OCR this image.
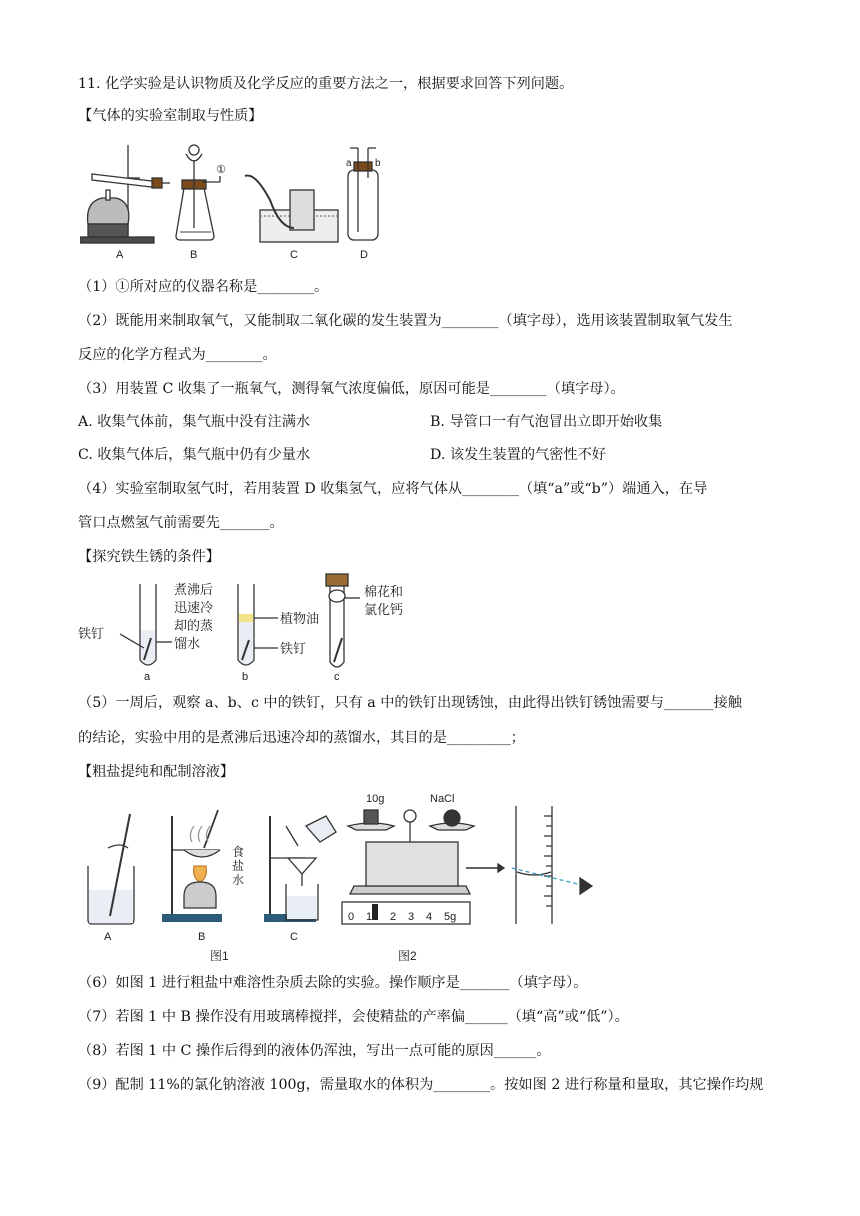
11. 化学实验是认识物质及化学反应的重要方法之一，根据要求回答下列问题。
【气体的实验室制取与性质】
A	B	C	D
①
a b
（1）①所对应的仪器名称是________。
（2）既能用来制取氧气，又能制取二氧化碳的发生装置为________（填字母），选用该装置制取氧气发生
反应的化学方程式为________。
（3）用装置 C 收集了一瓶氧气，测得氧气浓度偏低，原因可能是________（填字母）。
A. 收集气体前，集气瓶中没有注满水	B. 导管口一有气泡冒出立即开始收集
C. 收集气体后，集气瓶中仍有少量水	D. 该发生装置的气密性不好
（4）实验室制取氢气时，若用装置 D 收集氢气，应将气体从________（填“a”或“b”）端通入，在导
管口点燃氢气前需要先_______。
【探究铁生锈的条件】
铁钉
煮沸后
迅速冷
却的蒸
馏水
植物油
铁钉
棉花和
氯化钙
a	b	c
（5）一周后，观察 a、b、c 中的铁钉，只有 a 中的铁钉出现锈蚀，由此得出铁钉锈蚀需要与_______接触
的结论，实验中用的是煮沸后迅速冷却的蒸馏水，其目的是_________；
【粗盐提纯和配制溶液】
A	B	C
食
盐
水
10g	NaCl
0 1 2 3 4 5g
图1	图2
（6）如图 1 进行粗盐中难溶性杂质去除的实验。操作顺序是_______（填字母）。
（7）若图 1 中 B 操作没有用玻璃棒搅拌，会使精盐的产率偏______（填“高”或“低”）。
（8）若图 1 中 C 操作后得到的液体仍浑浊，写出一点可能的原因______。
（9）配制 11%的氯化钠溶液 100g，需量取水的体积为________。按如图 2 进行称量和量取，其它操作均规
